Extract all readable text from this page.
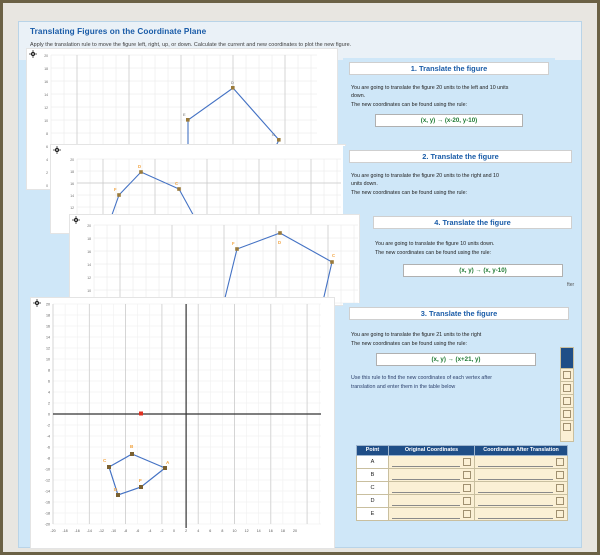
Translating Figures on the Coordinate Plane
Apply the translation rule to move the figure left, right, up, or down. Calculate the current and new coordinates to plot the new figure.
20
18
16
14
12
10
8
6
4
2
0
C
D
E
20
18
16
14
12
F
D
C
20
18
16
14
12
10
F	D
C
20
18
16
14
12
10
8
6
4
2
0
-2
-4
-6
-8
-10
-12
-14
-16
-18
-20
-20 -18 -16 -14 -12 -10 -8 -6 -4 -2	0	2	4	6	8	10 12 14 16 18 20
A
B
C
D
F
1. Translate the figure
You are going to translate the figure 20 units to the left and 10 units
down.
The new coordinates can be found using the rule:
(x, y) → (x-20, y-10)
2. Translate the figure
You are going to translate the figure 20 units to the right and 10
units down.
The new coordinates can be found using the rule:
4. Translate the figure
You are going to translate the figure 10 units down.
The new coordinates can be found using the rule:
(x, y) → (x, y-10)
fter
3. Translate the figure
You are going to translate the figure 21 units to the right
The new coordinates can be found using the rule:
(x, y) → (x+21, y)
Use this rule to find the new coordinates of each vertex after
translation and enter them in the table below
Point	Original Coordinates	Coordinates After Translation
A	

B	

C	

D	

E	
